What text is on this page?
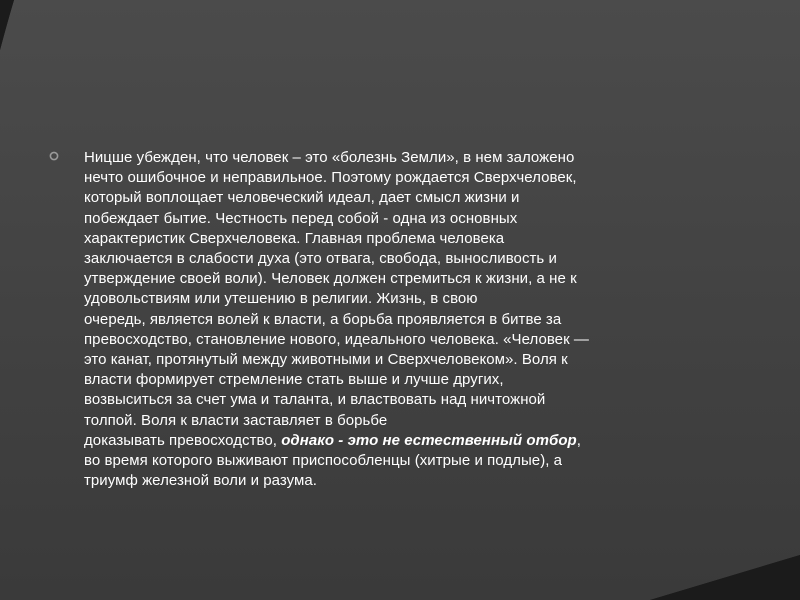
Ницше убежден, что человек – это «болезнь Земли», в нем заложено
нечто ошибочное и неправильное. Поэтому рождается Сверхчеловек,
который воплощает человеческий идеал, дает смысл жизни и
побеждает бытие. Честность перед собой - одна из основных
характеристик Сверхчеловека. Главная проблема человека
заключается в слабости духа (это отвага, свобода, выносливость и
утверждение своей воли). Человек должен стремиться к жизни, а не к
удовольствиям или утешению в религии. Жизнь, в свою
очередь, является волей к власти, а борьба проявляется в битве за
превосходство, становление нового, идеального человека. «Человек —
это канат, протянутый между животными и Сверхчеловеком». Воля к
власти формирует стремление стать выше и лучше других,
возвыситься за счет ума и таланта, и властвовать над ничтожной
толпой. Воля к власти заставляет в борьбе
доказывать превосходство, однако - это не естественный отбор,
во время которого выживают приспособленцы (хитрые и подлые), а
триумф железной воли и разума.
